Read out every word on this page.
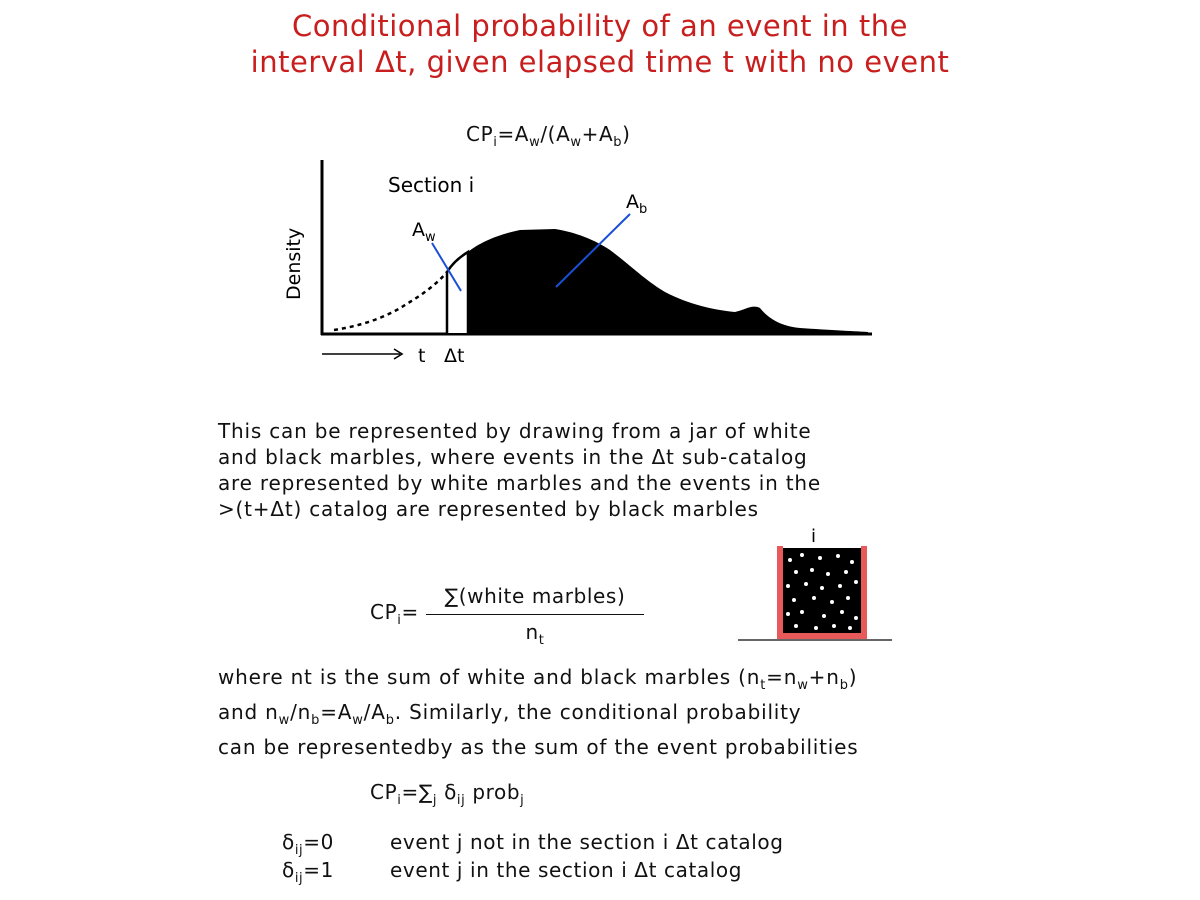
Conditional probability of an event in the
interval Δt, given elapsed time t with no event
$CP_i=A_w/(A_w+A_b)$
Section i
Density	$A_w$
$A_b$
t Δt
This can be represented by drawing from a jar of white
and black marbles, where events in the Δt sub-catalog
are represented by white marbles and the events in the
>(t+Δt) catalog are represented by black marbles
$CP_i=$
∑(white marbles)
$n_t$
i
where nt is the sum of white and black marbles $(n_t=n_w+n_b)$
and $n_w/n_b=A_w/A_b$. Similarly, the conditional probability
can be representedby as the sum of the event probabilities
$CP_i=\sum_j$ $\delta_{ij}$ prob$_j$
$\delta_{ij}=0$	event j not in the section i Δt catalog
$\delta_{ij}=1$	event j in the section i Δt catalog
